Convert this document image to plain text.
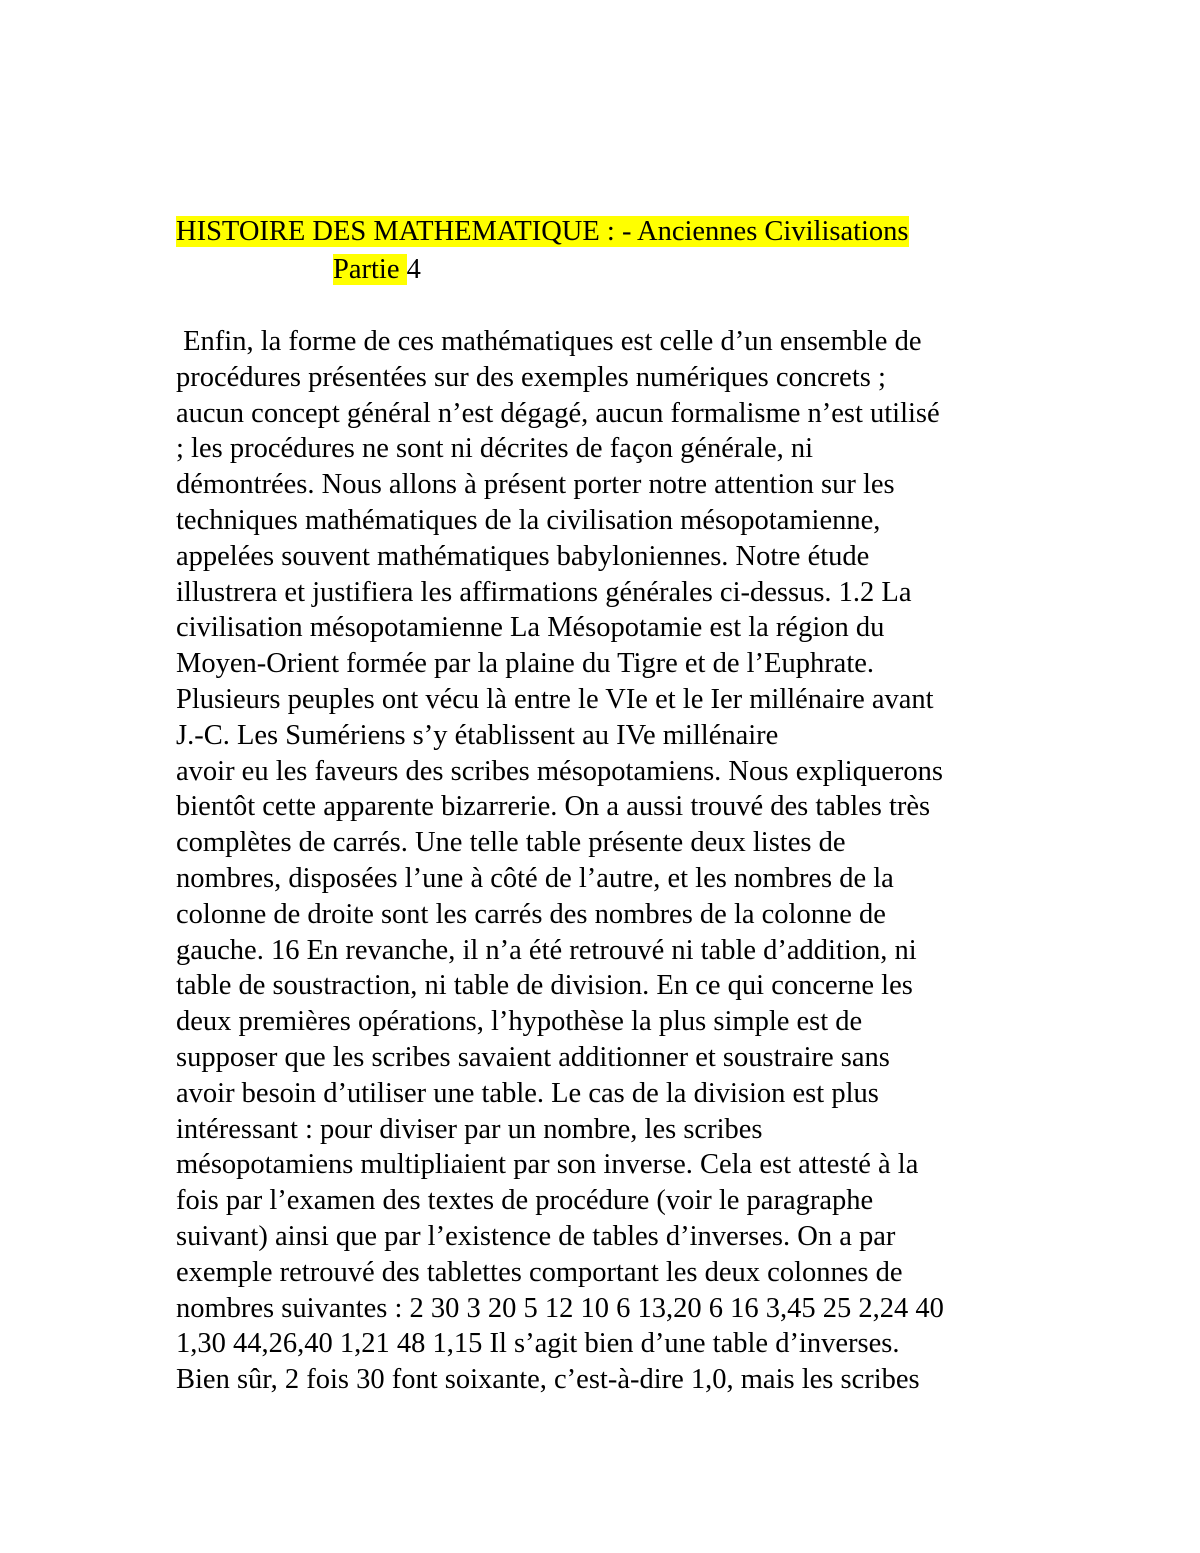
HISTOIRE DES MATHEMATIQUE : - Anciennes Civilisations
Partie 4
Enfin, la forme de ces mathématiques est celle d’un ensemble de
procédures présentées sur des exemples numériques concrets ;
aucun concept général n’est dégagé, aucun formalisme n’est utilisé
; les procédures ne sont ni décrites de façon générale, ni
démontrées. Nous allons à présent porter notre attention sur les
techniques mathématiques de la civilisation mésopotamienne,
appelées souvent mathématiques babyloniennes. Notre étude
illustrera et justifiera les affirmations générales ci-dessus. 1.2 La
civilisation mésopotamienne La Mésopotamie est la région du
Moyen-Orient formée par la plaine du Tigre et de l’Euphrate.
Plusieurs peuples ont vécu là entre le VIe et le Ier millénaire avant
J.-C. Les Sumériens s’y établissent au IVe millénaire
avoir eu les faveurs des scribes mésopotamiens. Nous expliquerons
bientôt cette apparente bizarrerie. On a aussi trouvé des tables très
complètes de carrés. Une telle table présente deux listes de
nombres, disposées l’une à côté de l’autre, et les nombres de la
colonne de droite sont les carrés des nombres de la colonne de
gauche. 16 En revanche, il n’a été retrouvé ni table d’addition, ni
table de soustraction, ni table de division. En ce qui concerne les
deux premières opérations, l’hypothèse la plus simple est de
supposer que les scribes savaient additionner et soustraire sans
avoir besoin d’utiliser une table. Le cas de la division est plus
intéressant : pour diviser par un nombre, les scribes
mésopotamiens multipliaient par son inverse. Cela est attesté à la
fois par l’examen des textes de procédure (voir le paragraphe
suivant) ainsi que par l’existence de tables d’inverses. On a par
exemple retrouvé des tablettes comportant les deux colonnes de
nombres suivantes : 2 30 3 20 5 12 10 6 13,20 6 16 3,45 25 2,24 40
1,30 44,26,40 1,21 48 1,15 Il s’agit bien d’une table d’inverses.
Bien sûr, 2 fois 30 font soixante, c’est-à-dire 1,0, mais les scribes
